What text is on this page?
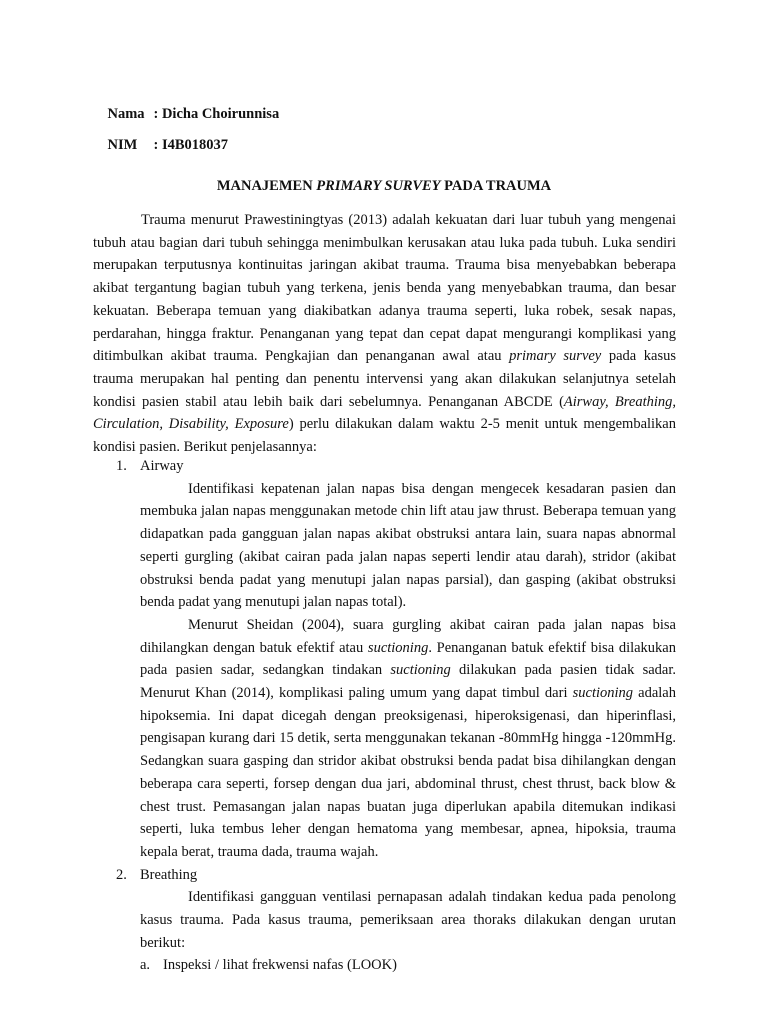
Nama : Dicha Choirunnisa

NIM : I4B018037

MANAJEMEN PRIMARY SURVEY PADA TRAUMA

Trauma menurut Prawestiningtyas (2013) adalah kekuatan dari luar tubuh yang mengenai tubuh atau bagian dari tubuh sehingga menimbulkan kerusakan atau luka pada tubuh. Luka sendiri merupakan terputusnya kontinuitas jaringan akibat trauma. Trauma bisa menyebabkan beberapa akibat tergantung bagian tubuh yang terkena, jenis benda yang menyebabkan trauma, dan besar kekuatan. Beberapa temuan yang diakibatkan adanya trauma seperti, luka robek, sesak napas, perdarahan, hingga fraktur. Penanganan yang tepat dan cepat dapat mengurangi komplikasi yang ditimbulkan akibat trauma. Pengkajian dan penanganan awal atau primary survey pada kasus trauma merupakan hal penting dan penentu intervensi yang akan dilakukan selanjutnya setelah kondisi pasien stabil atau lebih baik dari sebelumnya. Penanganan ABCDE (Airway, Breathing, Circulation, Disability, Exposure) perlu dilakukan dalam waktu 2-5 menit untuk mengembalikan kondisi pasien. Berikut penjelasannya:

1. Airway

Identifikasi kepatenan jalan napas bisa dengan mengecek kesadaran pasien dan membuka jalan napas menggunakan metode chin lift atau jaw thrust. Beberapa temuan yang didapatkan pada gangguan jalan napas akibat obstruksi antara lain, suara napas abnormal seperti gurgling (akibat cairan pada jalan napas seperti lendir atau darah), stridor (akibat obstruksi benda padat yang menutupi jalan napas parsial), dan gasping (akibat obstruksi benda padat yang menutupi jalan napas total).

Menurut Sheidan (2004), suara gurgling akibat cairan pada jalan napas bisa dihilangkan dengan batuk efektif atau suctioning. Penanganan batuk efektif bisa dilakukan pada pasien sadar, sedangkan tindakan suctioning dilakukan pada pasien tidak sadar. Menurut Khan (2014), komplikasi paling umum yang dapat timbul dari suctioning adalah hipoksemia. Ini dapat dicegah dengan preoksigenasi, hiperoksigenasi, dan hiperinflasi, pengisapan kurang dari 15 detik, serta menggunakan tekanan -80mmHg hingga -120mmHg. Sedangkan suara gasping dan stridor akibat obstruksi benda padat bisa dihilangkan dengan beberapa cara seperti, forsep dengan dua jari, abdominal thrust, chest thrust, back blow & chest trust. Pemasangan jalan napas buatan juga diperlukan apabila ditemukan indikasi seperti, luka tembus leher dengan hematoma yang membesar, apnea, hipoksia, trauma kepala berat, trauma dada, trauma wajah.

2. Breathing

Identifikasi gangguan ventilasi pernapasan adalah tindakan kedua pada penolong kasus trauma. Pada kasus trauma, pemeriksaan area thoraks dilakukan dengan urutan berikut:

a. Inspeksi / lihat frekwensi nafas (LOOK)
